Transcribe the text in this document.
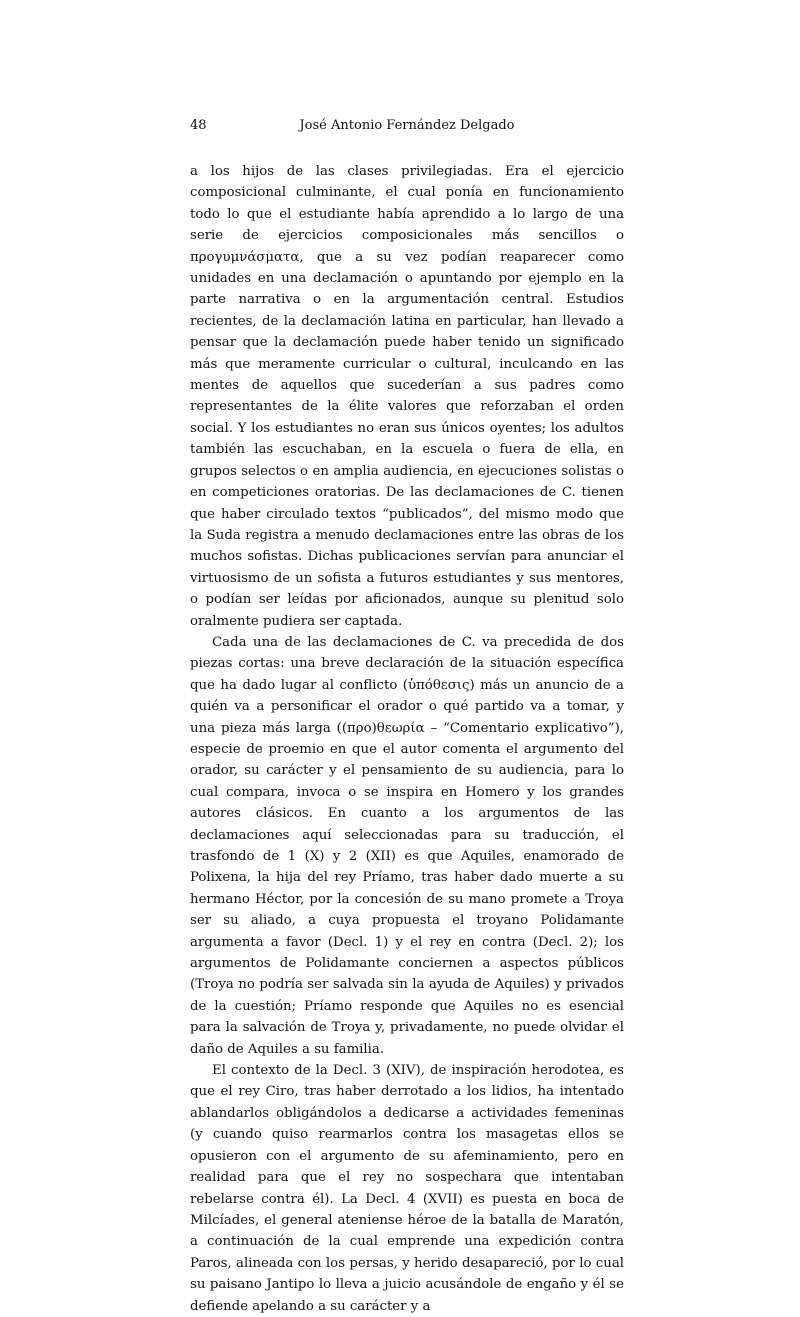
48	José Antonio Fernández Delgado

a los hijos de las clases privilegiadas. Era el ejercicio composicional culminante, el cual ponía en funcionamiento todo lo que el estudiante había aprendido a lo largo de una serie de ejercicios composicionales más sencillos o προγυμνάσματα, que a su vez podían reaparecer como unidades en una declamación o apuntando por ejemplo en la parte narrativa o en la argumentación central. Estudios recientes, de la declamación latina en particular, han llevado a pensar que la declamación puede haber tenido un significado más que meramente curricular o cultural, inculcando en las mentes de aquellos que sucederían a sus padres como representantes de la élite valores que reforzaban el orden social. Y los estudiantes no eran sus únicos oyentes; los adultos también las escuchaban, en la escuela o fuera de ella, en grupos selectos o en amplia audiencia, en ejecuciones solistas o en competiciones oratorias. De las declamaciones de C. tienen que haber circulado textos “publicados”, del mismo modo que la Suda registra a menudo declamaciones entre las obras de los muchos sofistas. Dichas publicaciones servían para anunciar el virtuosismo de un sofista a futuros estudiantes y sus mentores, o podían ser leídas por aficionados, aunque su plenitud solo oralmente pudiera ser captada.

Cada una de las declamaciones de C. va precedida de dos piezas cortas: una breve declaración de la situación específica que ha dado lugar al conflicto (ὑπόθεσις) más un anuncio de a quién va a personificar el orador o qué partido va a tomar, y una pieza más larga ((προ)θεωρία – “Comentario explicativo”), especie de proemio en que el autor comenta el argumento del orador, su carácter y el pensamiento de su audiencia, para lo cual compara, invoca o se inspira en Homero y los grandes autores clásicos. En cuanto a los argumentos de las declamaciones aquí seleccionadas para su traducción, el trasfondo de 1 (X) y 2 (XII) es que Aquiles, enamorado de Polixena, la hija del rey Príamo, tras haber dado muerte a su hermano Héctor, por la concesión de su mano promete a Troya ser su aliado, a cuya propuesta el troyano Polidamante argumenta a favor (Decl. 1) y el rey en contra (Decl. 2); los argumentos de Polidamante conciernen a aspectos públicos (Troya no podría ser salvada sin la ayuda de Aquiles) y privados de la cuestión; Príamo responde que Aquiles no es esencial para la salvación de Troya y, privadamente, no puede olvidar el daño de Aquiles a su familia.

El contexto de la Decl. 3 (XIV), de inspiración herodotea, es que el rey Ciro, tras haber derrotado a los lidios, ha intentado ablandarlos obligándolos a dedicarse a actividades femeninas (y cuando quiso rearmarlos contra los masagetas ellos se opusieron con el argumento de su afeminamiento, pero en realidad para que el rey no sospechara que intentaban rebelarse contra él). La Decl. 4 (XVII) es puesta en boca de Milcíades, el general ateniense héroe de la batalla de Maratón, a continuación de la cual emprende una expedición contra Paros, alineada con los persas, y herido desapareció, por lo cual su paisano Jantipo lo lleva a juicio acusándole de engaño y él se defiende apelando a su carácter y a
